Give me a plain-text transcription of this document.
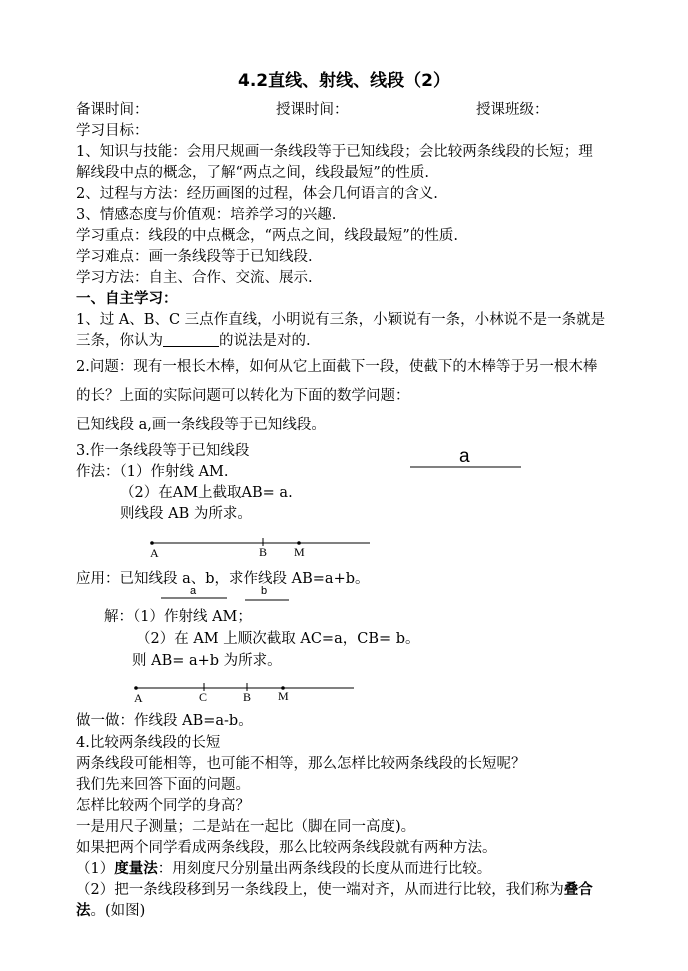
4.2直线、射线、线段（2）
备课时间：	授课时间：	授课班级：
学习目标：
1、知识与技能：会用尺规画一条线段等于已知线段；会比较两条线段的长短；理
解线段中点的概念，了解“两点之间，线段最短”的性质.
2、过程与方法：经历画图的过程，体会几何语言的含义.
3、情感态度与价值观：培养学习的兴趣.
学习重点：线段的中点概念，“两点之间，线段最短”的性质.
学习难点：画一条线段等于已知线段.
学习方法：自主、合作、交流、展示.
一、自主学习：
1、过 A、B、C 三点作直线，小明说有三条，小颖说有一条，小林说不是一条就是
三条，你认为	的说法是对的.
2.问题：现有一根长木棒，如何从它上面截下一段，使截下的木棒等于另一根木棒
的长？上面的实际问题可以转化为下面的数学问题：
已知线段 a,画一条线段等于已知线段。
3.作一条线段等于已知线段
作法：（1）作射线 AM.
（2）在AM上截取AB= a.
则线段 AB 为所求。
a
应用：已知线段 a、b，求作线段 AB=a+b。
a	b
解：（1）作射线 AM；
（2）在 AM 上顺次截取 AC=a，CB= b。
则 AB= a+b 为所求。
做一做：作线段 AB=a-b。
4.比较两条线段的长短
两条线段可能相等，也可能不相等，那么怎样比较两条线段的长短呢？
我们先来回答下面的问题。
怎样比较两个同学的身高？
一是用尺子测量；二是站在一起比（脚在同一高度)。
如果把两个同学看成两条线段，那么比较两条线段就有两种方法。
（1）度量法：用刻度尺分别量出两条线段的长度从而进行比较。
（2）把一条线段移到另一条线段上，使一端对齐，从而进行比较，我们称为叠合
法。(如图)
A	B M
A	C	B M
